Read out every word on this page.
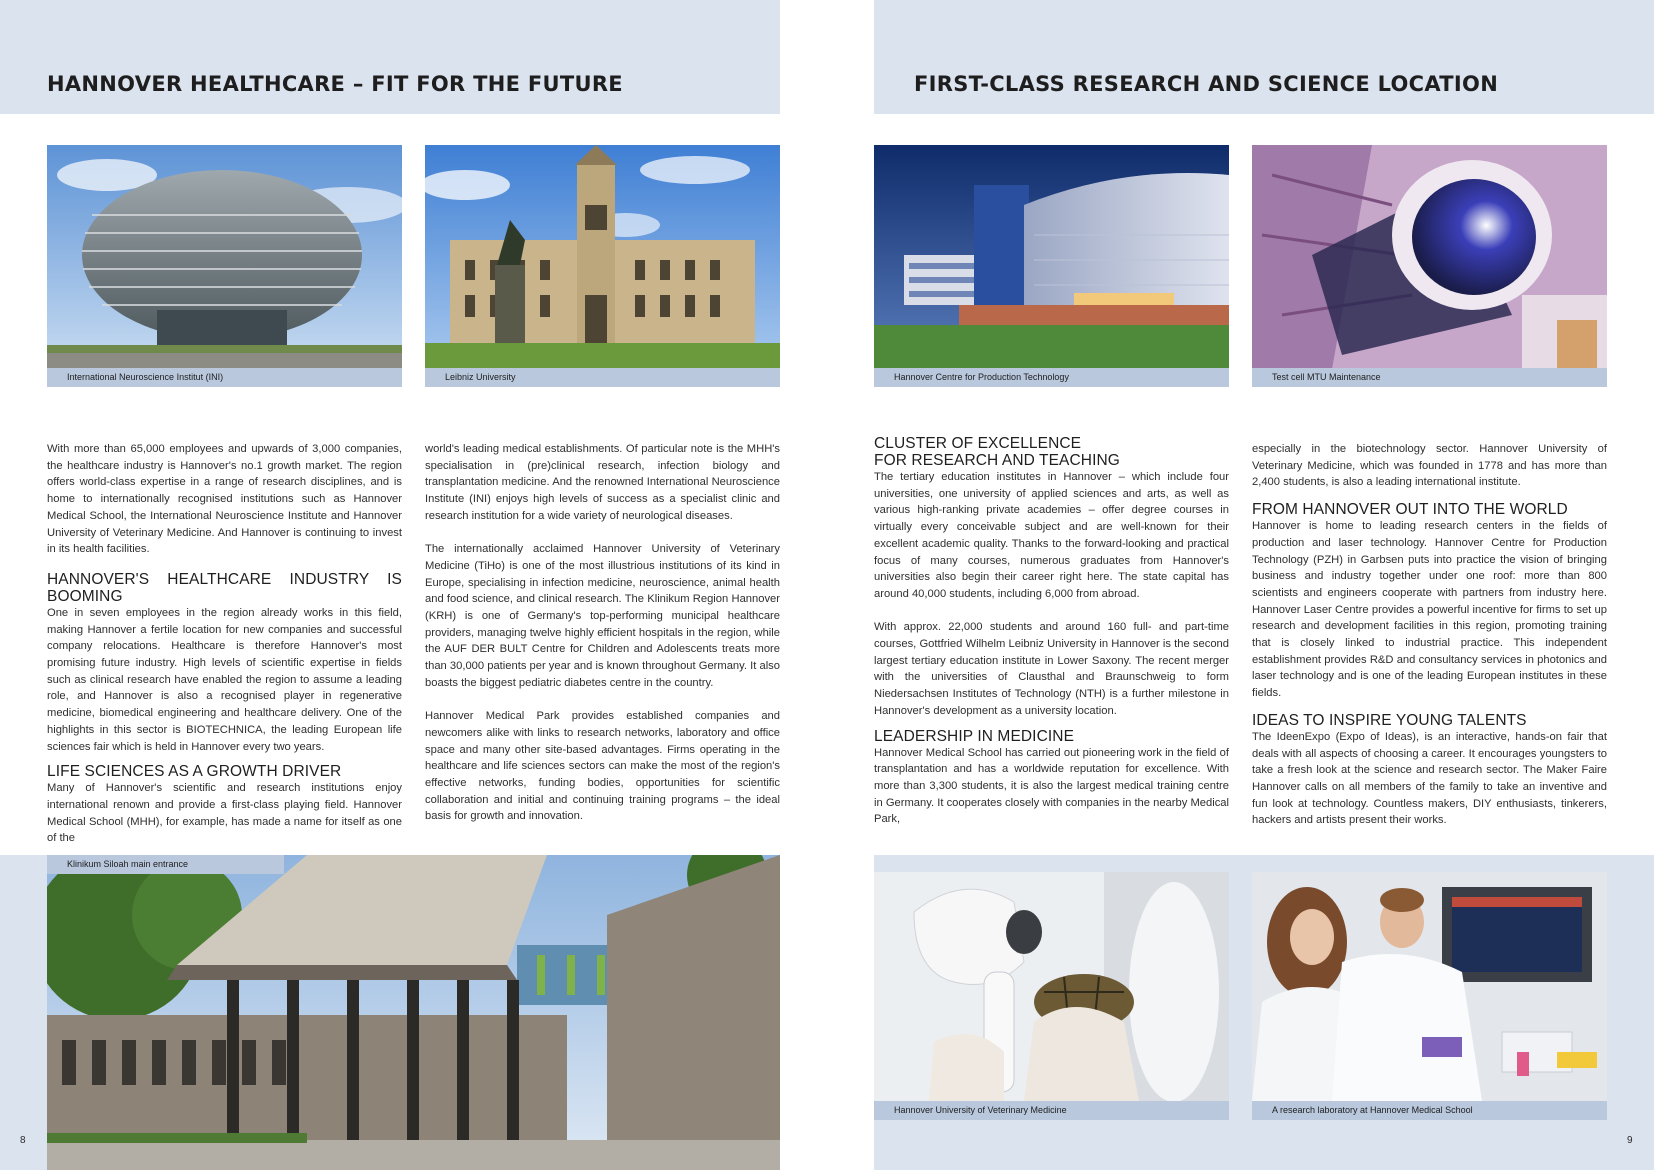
HANNOVER HEALTHCARE – FIT FOR THE FUTURE
International Neuroscience Institut (INI)	Leibniz University

With more than 65,000 employees and upwards of 3,000 companies, the healthcare industry is Hannover's no.1 growth market. The region offers world-class expertise in a range of research disciplines, and is home to internationally recognised institutions such as Hannover Medical School, the International Neuroscience Institute and Hannover University of Veterinary Medicine. And Hannover is continuing to invest in its health facilities.

HANNOVER'S HEALTHCARE INDUSTRY IS BOOMING

One in seven employees in the region already works in this field, making Hannover a fertile location for new companies and successful company relocations. Healthcare is therefore Hannover's most promising future industry. High levels of scientific expertise in fields such as clinical research have enabled the region to assume a leading role, and Hannover is also a recognised player in regenerative medicine, biomedical engineering and healthcare delivery. One of the highlights in this sector is BIOTECHNICA, the leading European life sciences fair which is held in Hannover every two years.

LIFE SCIENCES AS A GROWTH DRIVER

Many of Hannover's scientific and research institutions enjoy international renown and provide a first-class playing field. Hannover Medical School (MHH), for example, has made a name for itself as one of the

world's leading medical establishments. Of particular note is the MHH's specialisation in (pre)clinical research, infection biology and transplantation medicine. And the renowned International Neuroscience Institute (INI) enjoys high levels of success as a specialist clinic and research institution for a wide variety of neurological diseases.

The internationally acclaimed Hannover University of Veterinary Medicine (TiHo) is one of the most illustrious institutions of its kind in Europe, specialising in infection medicine, neuroscience, animal health and food science, and clinical research. The Klinikum Region Hannover (KRH) is one of Germany's top-performing municipal healthcare providers, managing twelve highly efficient hospitals in the region, while the AUF DER BULT Centre for Children and Adolescents treats more than 30,000 patients per year and is known throughout Germany. It also boasts the biggest pediatric diabetes centre in the country.

Hannover Medical Park provides established companies and newcomers alike with links to research networks, laboratory and office space and many other site-based advantages. Firms operating in the healthcare and life sciences sectors can make the most of the region's effective networks, funding bodies, opportunities for scientific collaboration and initial and continuing training programs – the ideal basis for growth and innovation.

Klinikum Siloah main entrance
8
FIRST-CLASS RESEARCH AND SCIENCE LOCATION
Hannover Centre for Production Technology	Test cell MTU Maintenance
CLUSTER OF EXCELLENCE
FOR RESEARCH AND TEACHING

The tertiary education institutes in Hannover – which include four universities, one university of applied sciences and arts, as well as various high-ranking private academies – offer degree courses in virtually every conceivable subject and are well-known for their excellent academic quality. Thanks to the forward-looking and practical focus of many courses, numerous graduates from Hannover's universities also begin their career right here. The state capital has around 40,000 students, including 6,000 from abroad.

With approx. 22,000 students and around 160 full- and part-time courses, Gottfried Wilhelm Leibniz University in Hannover is the second largest tertiary education institute in Lower Saxony. The recent merger with the universities of Clausthal and Braunschweig to form Niedersachsen Institutes of Technology (NTH) is a further milestone in Hannover's development as a university location.

LEADERSHIP IN MEDICINE

Hannover Medical School has carried out pioneering work in the field of transplantation and has a worldwide reputation for excellence. With more than 3,300 students, it is also the largest medical training centre in Germany. It cooperates closely with companies in the nearby Medical Park,

especially in the biotechnology sector. Hannover University of Veterinary Medicine, which was founded in 1778 and has more than 2,400 students, is also a leading international institute.

FROM HANNOVER OUT INTO THE WORLD

Hannover is home to leading research centers in the fields of production and laser technology. Hannover Centre for Production Technology (PZH) in Garbsen puts into practice the vision of bringing business and industry together under one roof: more than 800 scientists and engineers cooperate with partners from industry here. Hannover Laser Centre provides a powerful incentive for firms to set up research and development facilities in this region, promoting training that is closely linked to industrial practice. This independent establishment provides R&D and consultancy services in photonics and laser technology and is one of the leading European institutes in these fields.

IDEAS TO INSPIRE YOUNG TALENTS

The IdeenExpo (Expo of Ideas), is an interactive, hands-on fair that deals with all aspects of choosing a career. It encourages youngsters to take a fresh look at the science and research sector. The Maker Faire Hannover calls on all members of the family to take an inventive and fun look at technology. Countless makers, DIY enthusiasts, tinkerers, hackers and artists present their works.

Hannover University of Veterinary Medicine	A research laboratory at Hannover Medical School
9
